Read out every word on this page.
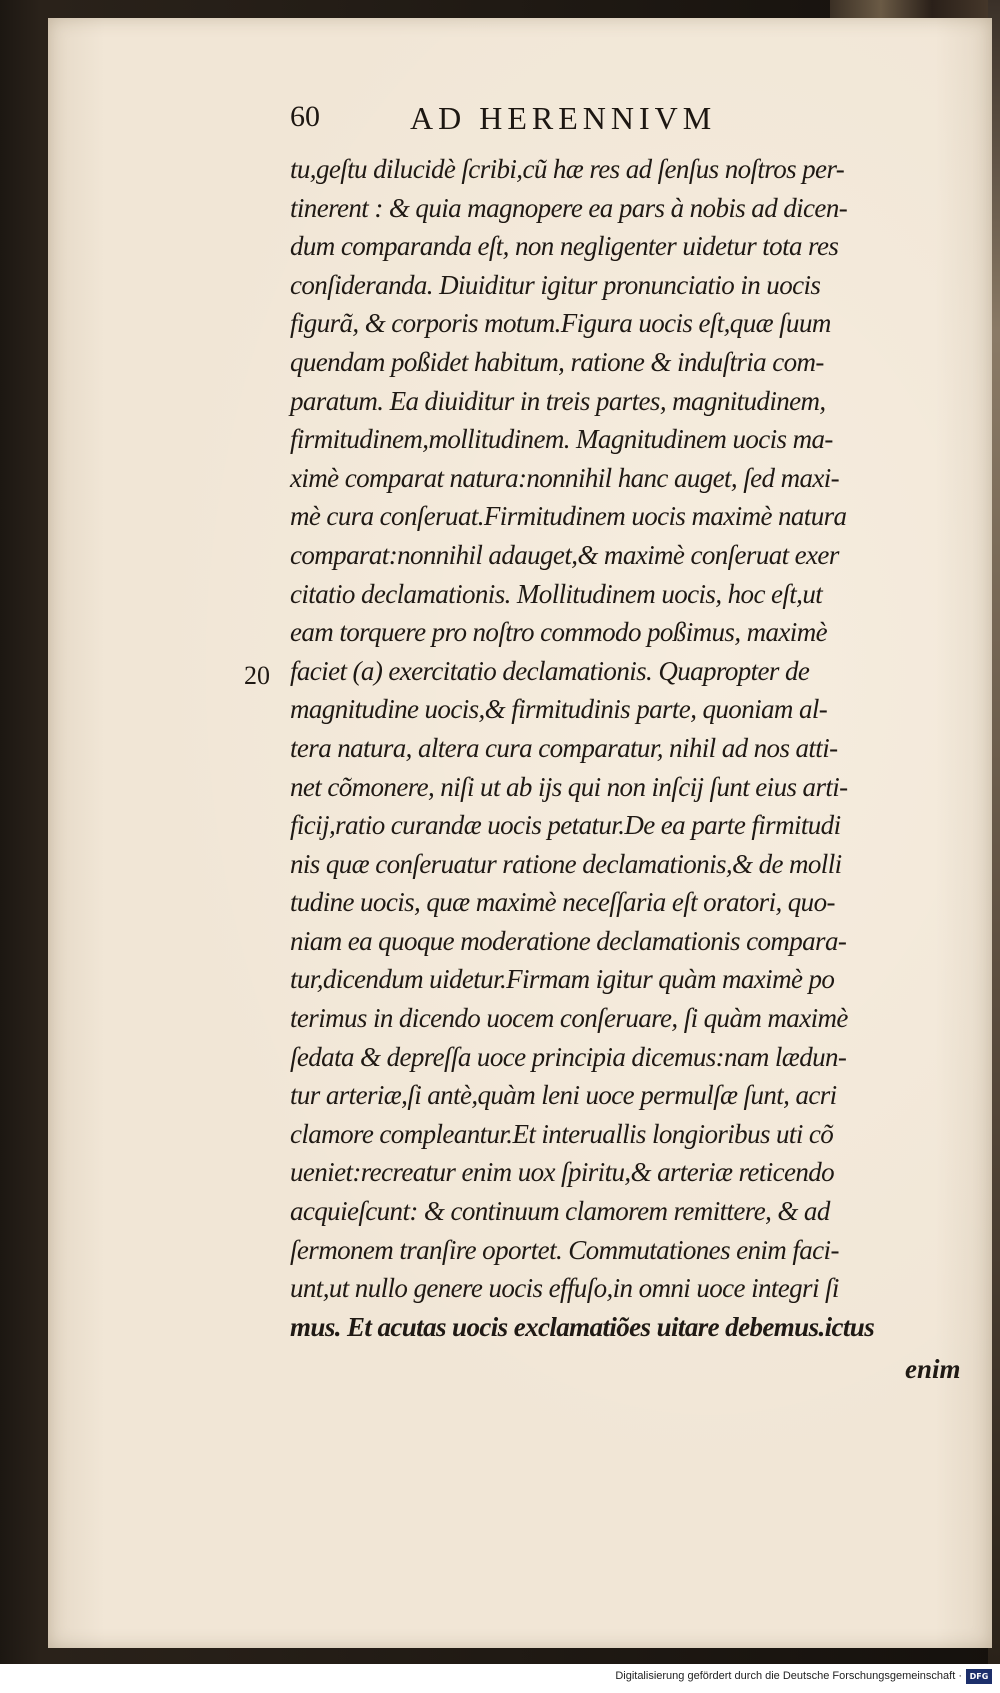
60	AD HERENNIVM
20
tu,geſtu dilucidè ſcribi,cũ hæ res ad ſenſus noſtros per-
tinerent : & quia magnopere ea pars à nobis ad dicen-
dum comparanda eſt, non negligenter uidetur tota res
conſideranda. Diuiditur igitur pronunciatio in uocis
figurã, & corporis motum.Figura uocis eſt,quæ ſuum
quendam poßidet habitum, ratione & induſtria com-
paratum. Ea diuiditur in treis partes, magnitudinem,
firmitudinem,mollitudinem. Magnitudinem uocis ma-
ximè comparat natura:nonnihil hanc auget, ſed maxi-
mè cura conſeruat.Firmitudinem uocis maximè natura
comparat:nonnihil adauget,& maximè conſeruat exer
citatio declamationis. Mollitudinem uocis, hoc eſt,ut
eam torquere pro noſtro commodo poßimus, maximè
faciet (a) exercitatio declamationis. Quapropter de
magnitudine uocis,& firmitudinis parte, quoniam al-
tera natura, altera cura comparatur, nihil ad nos atti-
net cõmonere, niſi ut ab ijs qui non inſcij ſunt eius arti-
ficij,ratio curandæ uocis petatur.De ea parte firmitudi
nis quæ conſeruatur ratione declamationis,& de molli
tudine uocis, quæ maximè neceſſaria eſt oratori, quo-
niam ea quoque moderatione declamationis compara-
tur,dicendum uidetur.Firmam igitur quàm maximè po
terimus in dicendo uocem conſeruare, ſi quàm maximè
ſedata & depreſſa uoce principia dicemus:nam lædun-
tur arteriæ,ſi antè,quàm leni uoce permulſæ ſunt, acri
clamore compleantur.Et interuallis longioribus uti cõ
ueniet:recreatur enim uox ſpiritu,& arteriæ reticendo
acquieſcunt: & continuum clamorem remittere, & ad
ſermonem tranſire oportet. Commutationes enim faci-
unt,ut nullo genere uocis effuſo,in omni uoce integri ſi
mus. Et acutas uocis exclamatiões uitare debemus.ictus
enim
Digitalisierung gefördert durch die Deutsche Forschungsgemeinschaft · DFG
